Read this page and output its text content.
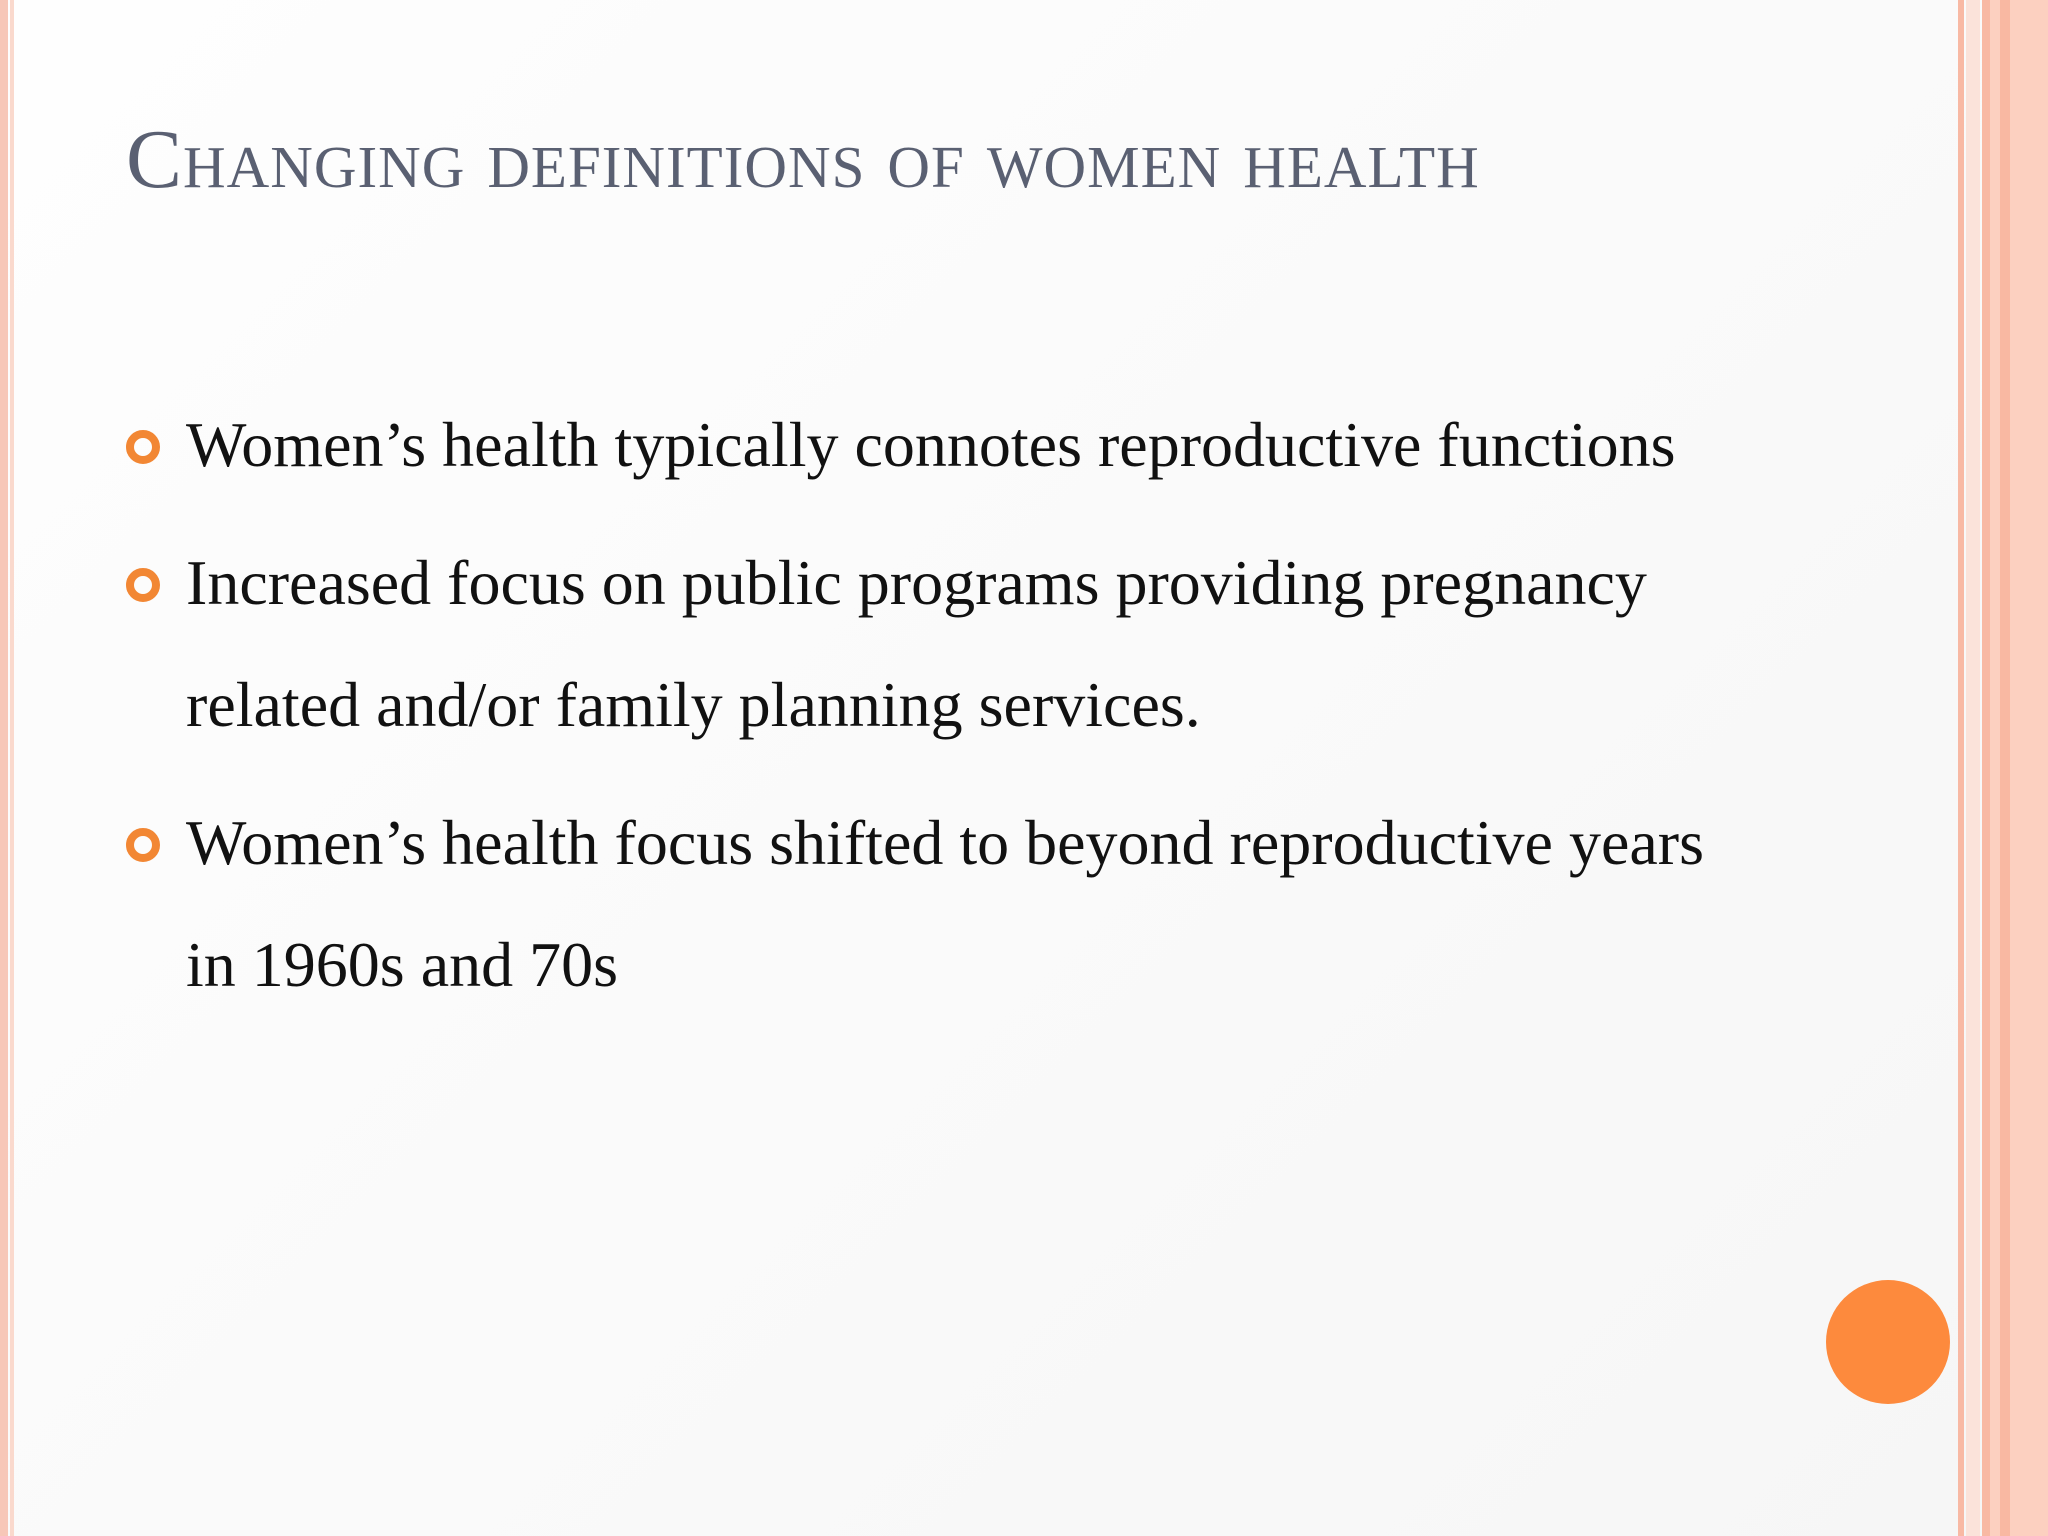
Changing definitions of women health
Women’s health typically connotes reproductive functions
Increased focus on public programs providing pregnancy related and/or family planning services.
Women’s health focus shifted to beyond reproductive years in 1960s and 70s
